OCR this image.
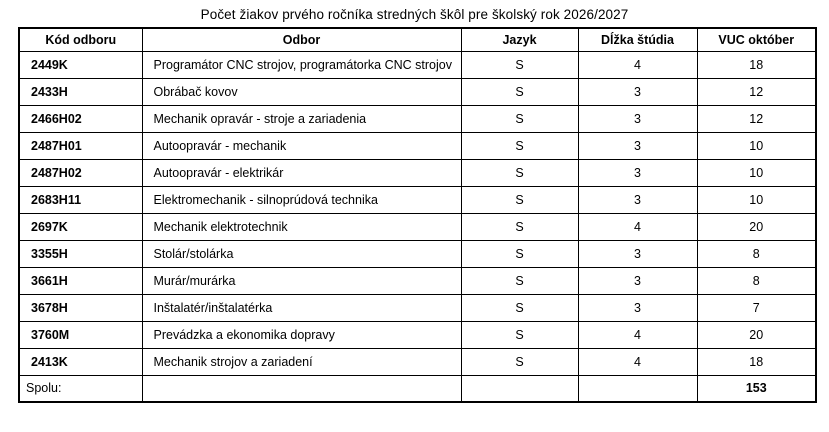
Počet žiakov prvého ročníka stredných škôl pre školský rok 2026/2027
Kód odboru	Odbor	Jazyk	Dĺžka štúdia	VUC október
2449K	Programátor CNC strojov, programátorka CNC strojov	S	4	18
2433H	Obrábač kovov	S	3	12
2466H02	Mechanik opravár - stroje a zariadenia	S	3	12
2487H01	Autoopravár - mechanik	S	3	10
2487H02	Autoopravár - elektrikár	S	3	10
2683H11	Elektromechanik - silnoprúdová technika	S	3	10
2697K	Mechanik elektrotechnik	S	4	20
3355H	Stolár/stolárka	S	3	8
3661H	Murár/murárka	S	3	8
3678H	Inštalatér/inštalatérka	S	3	7
3760M	Prevádzka a ekonomika dopravy	S	4	20
2413K	Mechanik strojov a zariadení	S	4	18
Spolu:				153
